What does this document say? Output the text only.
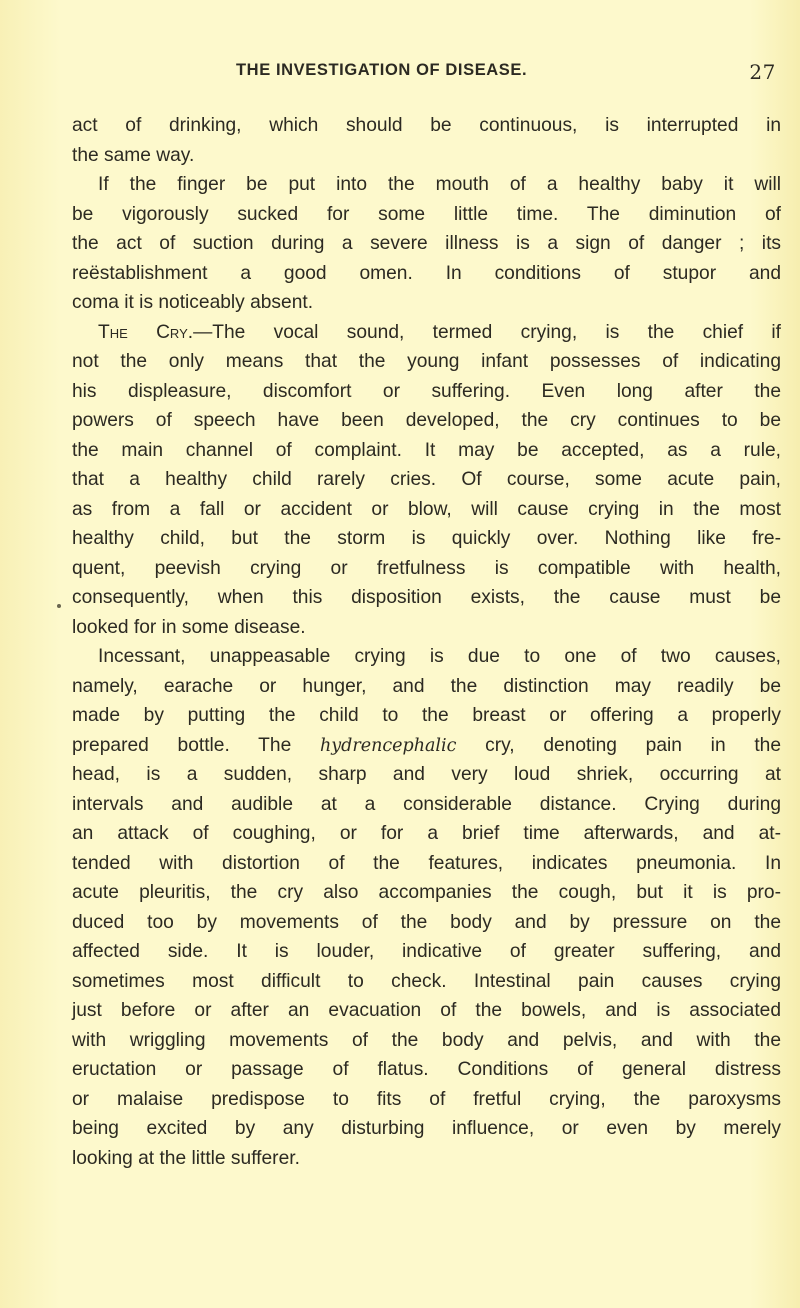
THE INVESTIGATION OF DISEASE.	27
act of drinking, which should be continuous, is interrupted in
the same way.
If the finger be put into the mouth of a healthy baby it will
be vigorously sucked for some little time. The diminution of
the act of suction during a severe illness is a sign of danger ; its
reëstablishment a good omen. In conditions of stupor and
coma it is noticeably absent.
The Cry.—The vocal sound, termed crying, is the chief if
not the only means that the young infant possesses of indicating
his displeasure, discomfort or suffering. Even long after the
powers of speech have been developed, the cry continues to be
the main channel of complaint. It may be accepted, as a rule,
that a healthy child rarely cries. Of course, some acute pain,
as from a fall or accident or blow, will cause crying in the most
healthy child, but the storm is quickly over. Nothing like fre-
quent, peevish crying or fretfulness is compatible with health,
consequently, when this disposition exists, the cause must be
looked for in some disease.
Incessant, unappeasable crying is due to one of two causes,
namely, earache or hunger, and the distinction may readily be
made by putting the child to the breast or offering a properly
prepared bottle. The hydrencephalic cry, denoting pain in the
head, is a sudden, sharp and very loud shriek, occurring at
intervals and audible at a considerable distance. Crying during
an attack of coughing, or for a brief time afterwards, and at-
tended with distortion of the features, indicates pneumonia. In
acute pleuritis, the cry also accompanies the cough, but it is pro-
duced too by movements of the body and by pressure on the
affected side. It is louder, indicative of greater suffering, and
sometimes most difficult to check. Intestinal pain causes crying
just before or after an evacuation of the bowels, and is associated
with wriggling movements of the body and pelvis, and with the
eructation or passage of flatus. Conditions of general distress
or malaise predispose to fits of fretful crying, the paroxysms
being excited by any disturbing influence, or even by merely
looking at the little sufferer.
